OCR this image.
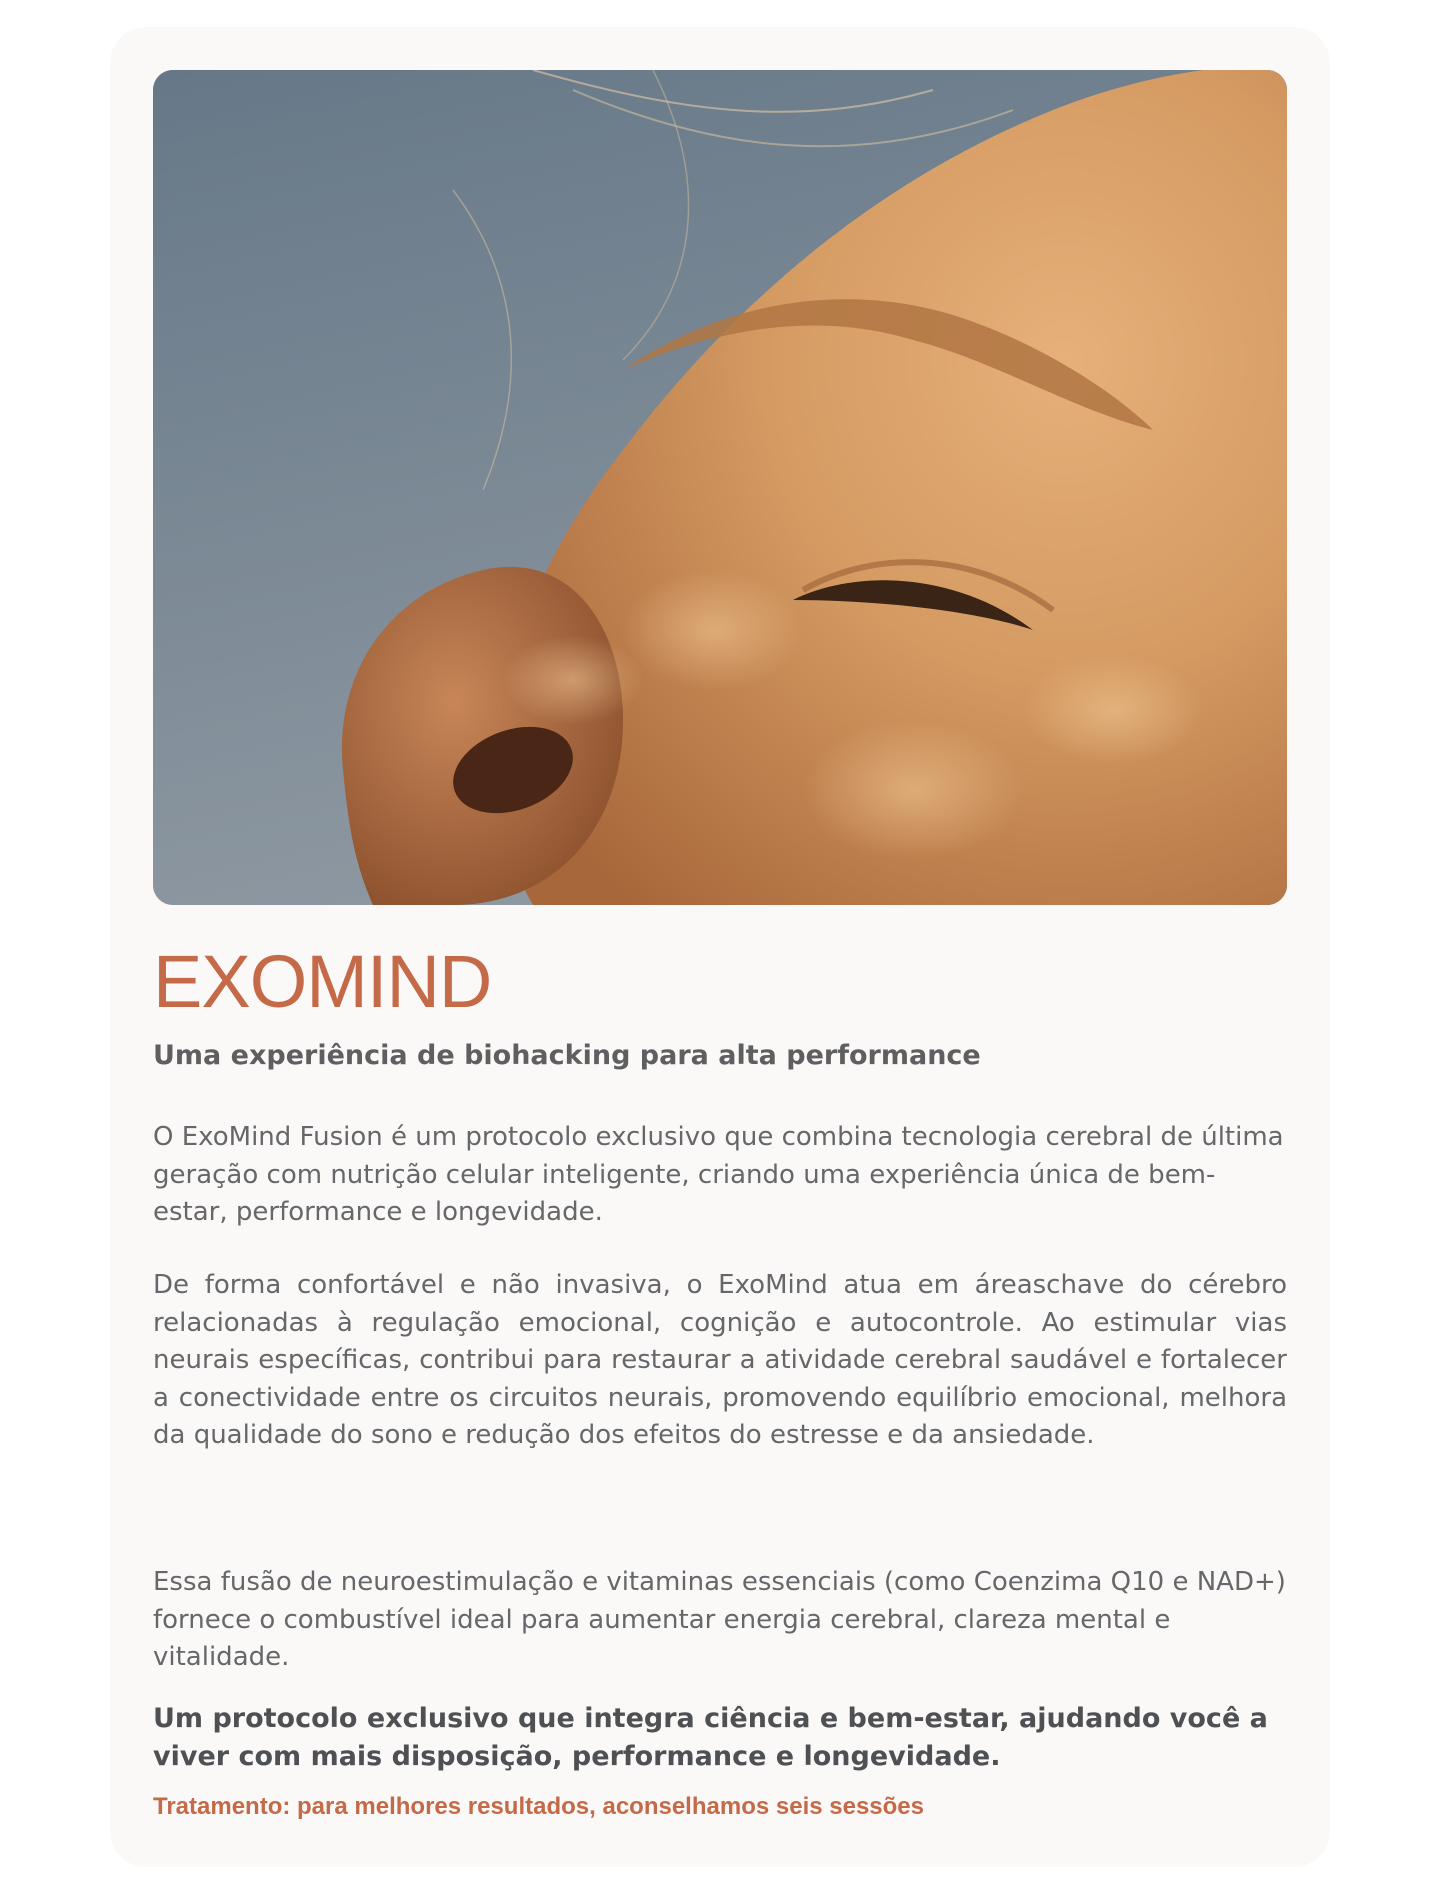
EXOMIND
Uma experiência de biohacking para alta performance

O ExoMind Fusion é um protocolo exclusivo que combina tecnologia cerebral de última geração com nutrição celular inteligente, criando uma experiência única de bem-estar, performance e longevidade.

De forma confortável e não invasiva, o ExoMind atua em áreaschave do cérebro relacionadas à regulação emocional, cognição e autocontrole. Ao estimular vias neurais específicas, contribui para restaurar a atividade cerebral saudável e fortalecer a conectividade entre os circuitos neurais, promovendo equilíbrio emocional, melhora da qualidade do sono e redução dos efeitos do estresse e da ansiedade.

Essa fusão de neuroestimulação e vitaminas essenciais (como Coenzima Q10 e NAD+) fornece o combustível ideal para aumentar energia cerebral, clareza mental e vitalidade.

Um protocolo exclusivo que integra ciência e bem-estar, ajudando você a viver com mais disposição, performance e longevidade.

Tratamento: para melhores resultados, aconselhamos seis sessões
